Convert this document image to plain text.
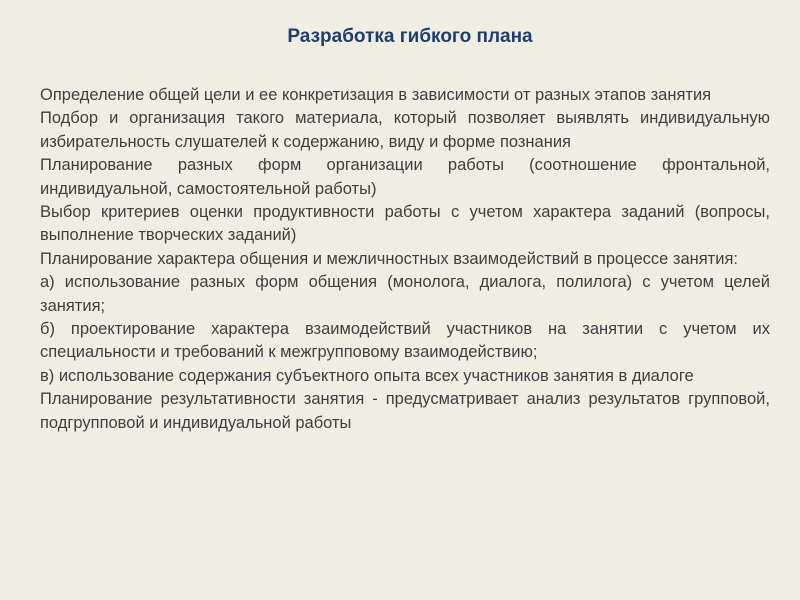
Разработка гибкого плана
Определение общей цели и ее конкретизация в зависимости от разных этапов занятия
Подбор и организация такого материала, который позволяет выявлять индивидуальную избирательность слушателей к содержанию, виду и форме познания
Планирование разных форм организации работы (соотношение фронтальной, индивидуальной, самостоятельной работы)
Выбор критериев оценки продуктивности работы с учетом характера заданий (вопросы, выполнение творческих заданий)
Планирование характера общения и межличностных взаимодействий в процессе занятия:
а) использование разных форм общения (монолога, диалога, полилога) с учетом целей занятия;
б) проектирование характера взаимодействий участников на занятии с учетом их специальности и требований к межгрупповому взаимодействию;
в) использование содержания субъектного опыта всех участников занятия в диалоге
Планирование результативности занятия - предусматривает анализ результатов групповой, подгрупповой и индивидуальной работы
